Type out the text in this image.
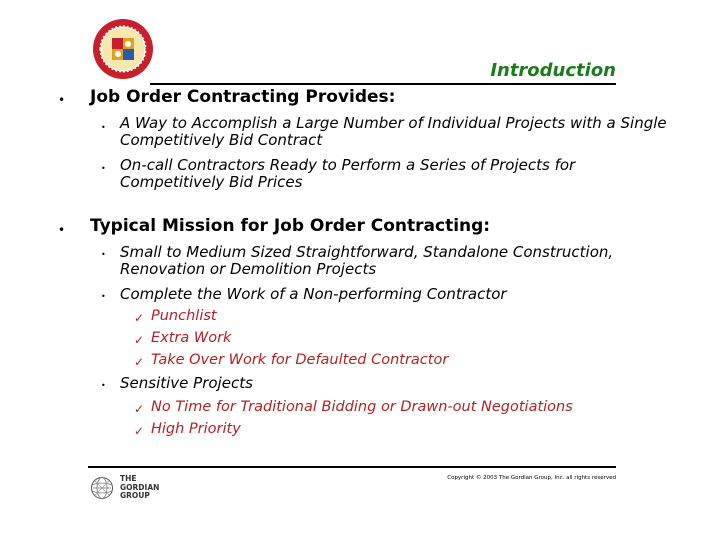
Introduction
• Job Order Contracting Provides:
• A Way to Accomplish a Large Number of Individual Projects with a Single Competitively Bid Contract
• On-call Contractors Ready to Perform a Series of Projects for Competitively Bid Prices
• Typical Mission for Job Order Contracting:
• Small to Medium Sized Straightforward, Standalone Construction, Renovation or Demolition Projects
• Complete the Work of a Non-performing Contractor
✓ Punchlist
✓ Extra Work
✓ Take Over Work for Defaulted Contractor
• Sensitive Projects
✓ No Time for Traditional Bidding or Drawn-out Negotiations
✓ High Priority
THE
GORDIAN
GROUP
Copyright © 2003 The Gordian Group, Inc. all rights reserved
